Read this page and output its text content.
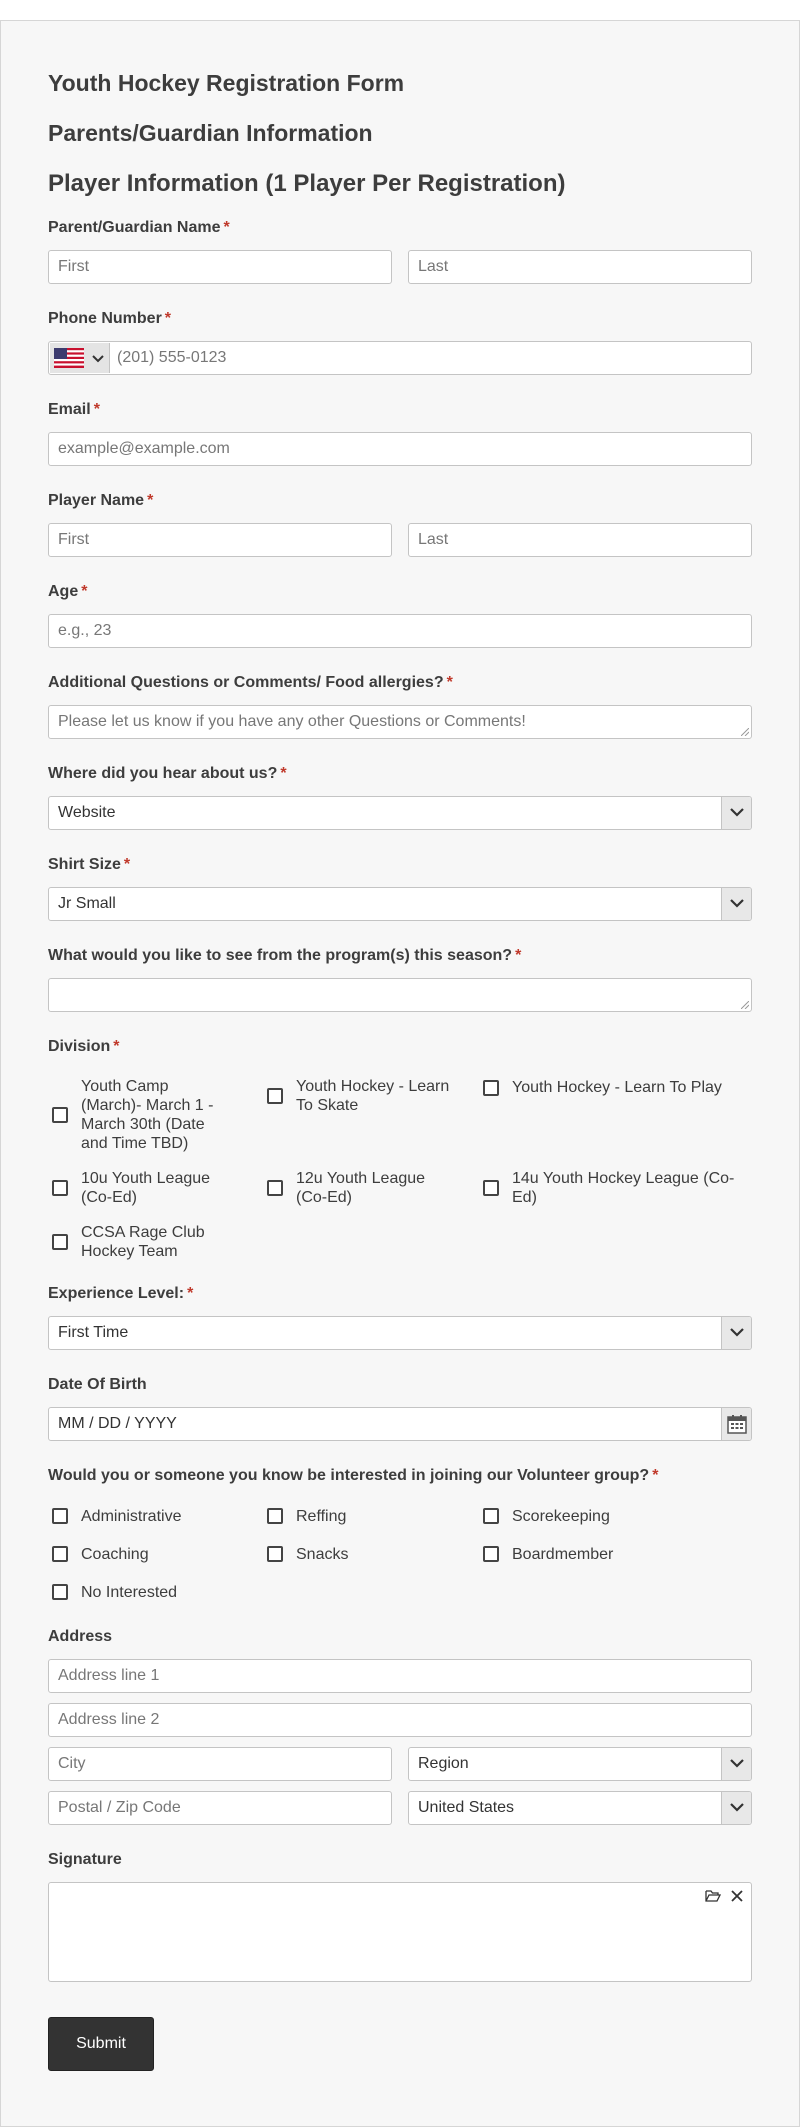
Youth Hockey Registration Form
Parents/Guardian Information
Player Information (1 Player Per Registration)
Parent/Guardian Name *
First	Last
Phone Number *
(201) 555-0123
Email *
example@example.com
Player Name *
First	Last
Age *
e.g., 23
Additional Questions or Comments/ Food allergies? *
Please let us know if you have any other Questions or Comments!
Where did you hear about us? *
Website
Shirt Size *
Jr Small
What would you like to see from the program(s) this season? *
Division *
Youth Camp (March)- March 1 - March 30th (Date and Time TBD)
Youth Hockey - Learn To Skate
Youth Hockey - Learn To Play
10u Youth League (Co-Ed)
12u Youth League (Co-Ed)
14u Youth Hockey League (Co-Ed)
CCSA Rage Club Hockey Team
Experience Level: *
First Time
Date Of Birth
MM / DD / YYYY
Would you or someone you know be interested in joining our Volunteer group? *
Administrative	Reffing	Scorekeeping
Coaching	Snacks	Boardmember
No Interested
Address
Address line 1
Address line 2
City	Region
Postal / Zip Code	United States
Signature
Submit
